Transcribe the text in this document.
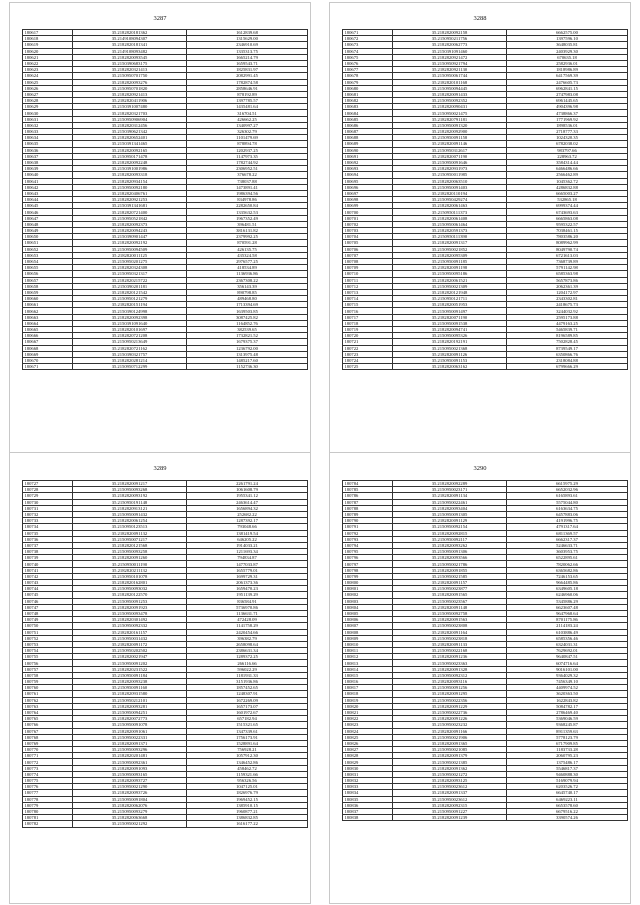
3287
180617	35.2182820181362	1612839.68
180618	35.2149108094307	1315629.00
180619	35.2182820181341	2346910.69
180620	35.2149108093482	1335313.75
180621	35.2182820093545	1665214.79
180622	35.2150390683175	1659543.71
180623	35.2182820321413	1825831.97
180624	35.2150950701750	2082991.45
180625	35.2182820093276	1782874.58
180626	35.2150950701820	2858646.91
180627	35.2182820921413	878192.89
180628	35.2182820411906	1397785.57
180629	35.2150391007480	1435481.64
180630	35.2182820321703	316704.51
180631	35.2150950906904	426662.25
180632	35.2182820312456	1340997.27
180633	35.2150390621342	326302.79
180634	35.2182820652401	1101479.69
180635	35.2150391341465	878894.78
180636	35.2182820092165	1202937.25
180637	35.2150950171478	1147973.35
180638	35.2182820092248	1782744.92
180639	35.2150391001986	2306952.51
180640	35.2182820093318	376678.22
180641	35.2182820934154	738037.88
180642	35.2150950092180	1473891.41
180643	35.2182820406761	1986394.56
180644	35.2182820921253	834978.86
180645	35.2150391341681	2282650.84
180646	35.2182820721400	1335632.53
180647	35.2150950521842	1967352.49
180648	35.2182820092373	396481.51
180649	35.2182820094243	3816131.82
180650	35.2150390901447	2379992.25
180651	35.2182820092192	870591.28
180652	35.2150950094509	426135.75
180653	35.2182820011125	435324.58
180654	35.2150950201275	2976577.25
180655	35.2182820324308	418534.89
180656	35.2150950321317	1136936.86
180657	35.2182820215722	2367308.22
180658	35.2150390201181	356143.39
180659	35.2182820121542	890798.85
180660	35.2150950121279	489468.80
180661	35.2182820151194	1713394.69
180662	35.2150390124998	1639503.85
180663	35.2182820092398	3087425.82
180664	35.2150391091640	1164852.76
180665	35.2182820101697	382539.65
180666	35.2182820721208	1732821.52
180667	35.2150950213649	1679375.37
180668	35.2182820721162	1236792.00
180669	35.2150390321757	1313975.48
180670	35.2182820281214	1485217.60
180671	35.2150950712299	1152736.30
3288
180671	35.2182820092158	6662575.00
180672	35.2150950211756	1397596.10
180673	35.2182820062773	3648035.81
180674	35.2150391091460	2403929.30
180675	35.2182820921472	670635.18
180676	35.2150950921794	2582936.01
180677	35.2182820921130	1818986.89
180678	35.2150950061744	6417569.39
180679	35.2182820101168	2476605.73
180680	35.2150950094445	6962841.15
180681	35.2182820091433	2747983.08
180682	35.2150950092352	6961445.65
180683	35.2182820090431	4904396.98
180684	35.2150950021475	4738866.37
180685	35.2182820791181	1771969.92
180686	35.2150950091320	1898536.01
180687	35.2182820092900	2718777.33
180688	35.2150950091158	1024320.35
180689	35.2182820091146	6782038.02
180690	35.2150950312617	983797.66
180691	35.2182820071190	228963.72
180692	35.2150950091646	3584314.44
180693	35.2182820931973	6466486.66
180694	35.2150950011985	2566462.89
180695	35.2182820063510	1045362.72
180696	35.2150950091403	4286832.88
180697	35.2182820110194	6665003.27
180698	35.2150950429274	532865.18
180699	35.2182820061463	6999374.44
180700	35.2150950111373	6743693.63
180701	35.2182820061408	6665863.08
180702	35.2150950061464	9595322.57
180703	35.2182820591373	7038461.15
180704	35.2150950111390	7803586.20
180705	35.2182820091317	8089962.99
180706	35.2150950021852	8049790.74
180707	35.2182820095309	6721613.03
180708	35.2150950091185	7368739.89
180709	35.2182820091198	5791142.98
180710	35.2150950095186	6585363.98
180711	35.2182820061521	5657873.86
180712	35.2150950021309	2062361.39
180713	35.2182820121948	1204172.97
180714	35.2150950121711	2343302.81
180715	35.2182820051953	2418675.73
180716	35.2150950091497	3244032.92
180717	35.2182820071190	2595173.88
180718	35.2150950091538	4479163.25
180719	35.2182820094741	5465839.71
180720	35.2150950095326	8196589.85
180721	35.2182820192191	7502828.45
180722	35.2150950021368	8739549.17
180723	35.2182820091126	6350866.76
180724	35.2150950091153	2318084.88
180725	35.2182820063162	6799666.29
3289
180727	35.2182820091217	2261791.24
180728	35.2150950093268	1061608.79
180729	35.2182820093192	1955341.12
180730	35.2150950191148	2463614.47
180731	35.2182820913121	1656894.32
180732	35.2150950091432	252682.22
180733	35.2182820061254	1287392.17
180734	35.2150950123513	793048.66
180735	35.2182820091132	1381419.54
180736	35.2150950071217	646205.22
180737	35.2182820121568	1914033.21
180738	35.2150950093258	1211693.34
180739	35.2182820091260	794834.87
180740	35.2150950011190	1477033.87
180741	35.2182820211132	1655779.01
180742	35.2150950101078	1699729.31
180743	35.2182820162801	2061373.36
180744	35.2150950093032	1659470.23
180745	35.2182820122570	1951139.29
180746	35.2150950091253	836584.91
180747	35.2182820091923	5736970.86
180748	35.2150950093478	1136631.71
180749	35.2182820301492	472428.09
180750	35.2150950092332	1141758.29
180751	35.2182820161157	2420454.66
180752	35.2150950031432	396382.79
180753	35.2182820091172	2658098.64
180754	35.2150950202502	2386631.34
180755	35.2182820021947	1289372.25
180756	35.2150950091202	266116.66
180757	35.2182820231522	596022.29
180758	35.2150950091184	1181931.33
180759	35.2182820093238	3151936.86
180760	35.2150950091160	1857452.65
180761	35.2182820931580	1248307.91
180762	35.2150950212101	1672269.09
180763	35.2182820093281	1657173.07
180764	35.2150950094251	1601972.67
180765	35.2182820072773	657182.94
180766	35.2150950091078	1515321.65
180767	35.2182820091061	1347339.61
180768	35.2150950022331	1756173.91
180769	35.2182820091371	1528891.64
180770	35.2150950093296	756928.21
180771	35.2182820201481	1057912.30
180772	35.2150950092361	1346452.86
180773	35.2182820091093	458462.72
180774	35.2150950093165	1159321.66
180775	35.2182820093727	956326.56
180776	35.2150950021290	1047125.01
180777	35.2182820093726	1826976.79
180778	35.2150950091804	1969452.15
180779	35.2182820062076	1385910.15
180780	35.2150950093279	1960877.21
180781	35.2182820063668	1386832.85
180782	35.2150950021292	1616177.22
3290
180784	35.2182820092289	6615975.29
180785	35.2150950023171	6652032.96
180786	35.2182820091134	6165893.61
180787	35.2150950022461	5575044.80
180788	35.2182820093404	6163634.75
180789	35.2150950091305	6457883.06
180790	35.2182820091129	4191996.75
180791	35.2150950092154	4791317.64
180792	35.2182820092815	6811369.57
180793	35.2150950092117	6662317.37
180794	35.2182820093262	5246633.71
180795	35.2150950091306	3603953.75
180796	35.2182820093566	6522895.61
180797	35.2150950021786	7820062.66
180798	35.2182820091855	6365682.86
180799	35.2150950021585	7246153.65
180800	35.2182820091157	9664485.86
180801	35.2150950023877	6349605.18
180802	35.2182820091565	6246960.06
180803	35.2150950023567	5345886.29
180804	35.2182820091148	6623607.48
180805	35.2150950092758	9647968.64
180806	35.2182820091563	8701175.86
180807	35.2150950023808	2114183.24
180808	35.2182820091164	6103886.49
180809	35.2150950023818	6585356.46
180810	35.2182820091133	6324031.31
180811	35.2150950022168	7629692.01
180812	35.2182820091236	9640847.51
180813	35.2150950023363	6074716.64
180814	35.2182820091328	9016101.00
180815	35.2150950092312	9364029.32
180816	35.2182820093116	7456349.10
180817	35.2150950091256	4409974.52
180818	35.2182820091295	3620363.50
180819	35.2150950022356	1622843.82
180820	35.2182820091229	5084782.17
180821	35.2150950022736	2786469.40
180822	35.2182820091226	5369046.59
180823	35.2150950023232	9368245.87
180824	35.2182820091166	8911359.63
180825	35.2150950021906	5778123.79
180826	35.2182820091365	6717909.85
180827	35.2150950021085	1183733.28
180828	35.2182820091379	2060795.23
180829	35.2150950021385	1375486.17
180830	35.2182820091362	5546817.37
180831	35.2150950021272	9460888.30
180832	35.2182820093125	5169079.94
180833	35.2150950023612	6203526.72
180834	35.2182820091337	6645740.17
180835	35.2150950023612	6469223.11
180836	35.2182820092315	6653578.60
180837	35.2150950091227	6679516.22
180838	35.2182820091239	3390574.26
